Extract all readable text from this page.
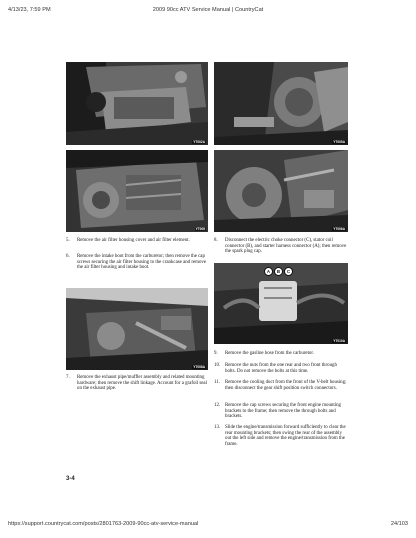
4/13/23, 7:59 PM	2009 90cc ATV Service Manual | CountryCat
YT002A	YT005A
YT009	YT006A
5. Remove the air filter housing cover and air filter element.
6. Remove the intake boot from the carburetor; then remove the cap screws securing the air filter housing to the crankcase and remove the air filter housing and intake boot.
8. Disconnect the electric choke connector (C), stator coil connector (B), and starter harness connector (A); then remove the spark plug cap.
A	B	C
YT010A
YT008A
7. Remove the exhaust pipe/muffler assembly and related mounting hardware; then remove the shift linkage. Account for a grafoil seal on the exhaust pipe.
9. Remove the gasline hose from the carburetor.
10. Remove the nuts from the one rear and two front through bolts. Do not remove the bolts at this time.
11. Remove the cooling duct from the front of the V-belt housing; then disconnect the gear shift position switch connectors.
12. Remove the cap screws securing the front engine mounting brackets to the frame; then remove the through bolts and brackets.
13. Slide the engine/transmission forward sufficiently to clear the rear mounting brackets; then swing the rear of the assembly out the left side and remove the engine/transmission from the frame.
3-4
https://support.countrycat.com/posts/2801763-2009-90cc-atv-service-manual	24/103
